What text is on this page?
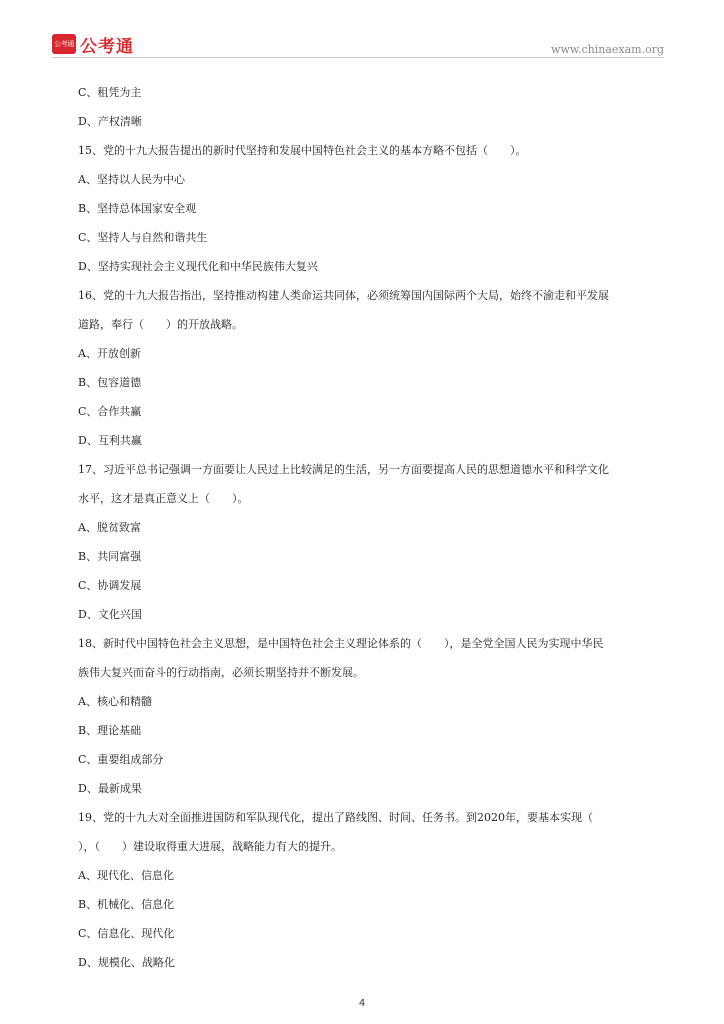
公考通 公考通	www.chinaexam.org
C、租凭为主
D、产权清晰
15、党的十九大报告提出的新时代坚持和发展中国特色社会主义的基本方略不包括（　　）。
A、坚持以人民为中心
B、坚持总体国家安全观
C、坚持人与自然和谐共生
D、坚持实现社会主义现代化和中华民族伟大复兴
16、党的十九大报告指出，坚持推动构建人类命运共同体，必须统筹国内国际两个大局，始终不渝走和平发展
道路，奉行（　　）的开放战略。
A、开放创新
B、包容道德
C、合作共赢
D、互利共赢
17、习近平总书记强调一方面要让人民过上比较满足的生活，另一方面要提高人民的思想道德水平和科学文化
水平，这才是真正意义上（　　）。
A、脱贫致富
B、共同富强
C、协调发展
D、文化兴国
18、新时代中国特色社会主义思想，是中国特色社会主义理论体系的（　　），是全党全国人民为实现中华民
族伟大复兴而奋斗的行动指南，必须长期坚持并不断发展。
A、核心和精髓
B、理论基础
C、重要组成部分
D、最新成果
19、党的十九大对全面推进国防和军队现代化，提出了路线图、时间、任务书。到2020年，要基本实现（
），（　　）建设取得重大进展，战略能力有大的提升。
A、现代化、信息化
B、机械化、信息化
C、信息化、现代化
D、规模化、战略化
4
